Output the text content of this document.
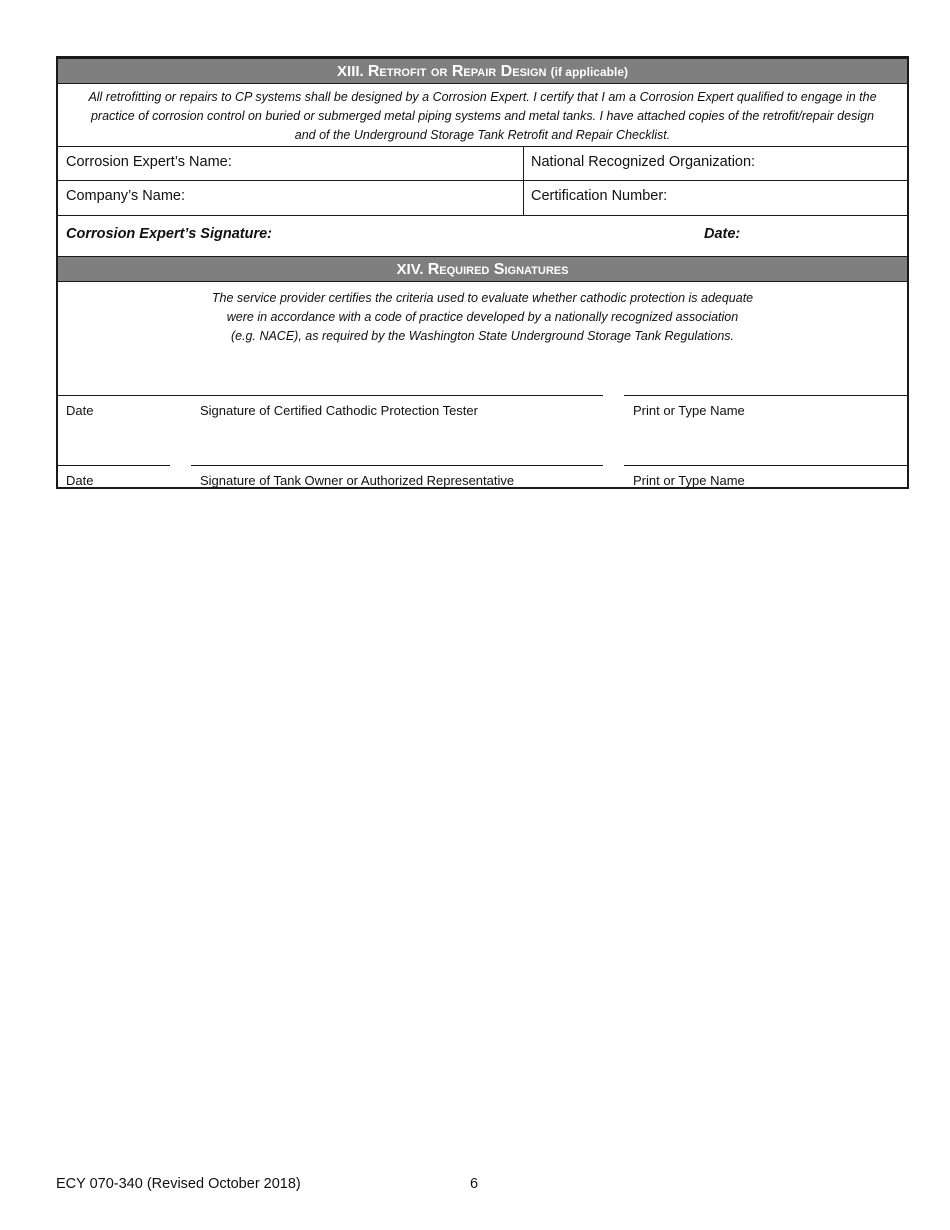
XIII. Retrofit or Repair Design (if applicable)
All retrofitting or repairs to CP systems shall be designed by a Corrosion Expert. I certify that I am a Corrosion Expert qualified to engage in the practice of corrosion control on buried or submerged metal piping systems and metal tanks. I have attached copies of the retrofit/repair design and of the Underground Storage Tank Retrofit and Repair Checklist.
Corrosion Expert’s Name:	National Recognized Organization:
Company’s Name:	Certification Number:
Corrosion Expert’s Signature:	Date:
XIV. Required Signatures
The service provider certifies the criteria used to evaluate whether cathodic protection is adequate
were in accordance with a code of practice developed by a nationally recognized association
(e.g. NACE), as required by the Washington State Underground Storage Tank Regulations.
Date	Signature of Certified Cathodic Protection Tester	Print or Type Name
Date	Signature of Tank Owner or Authorized Representative	Print or Type Name
ECY 070-340 (Revised October 2018)	6
